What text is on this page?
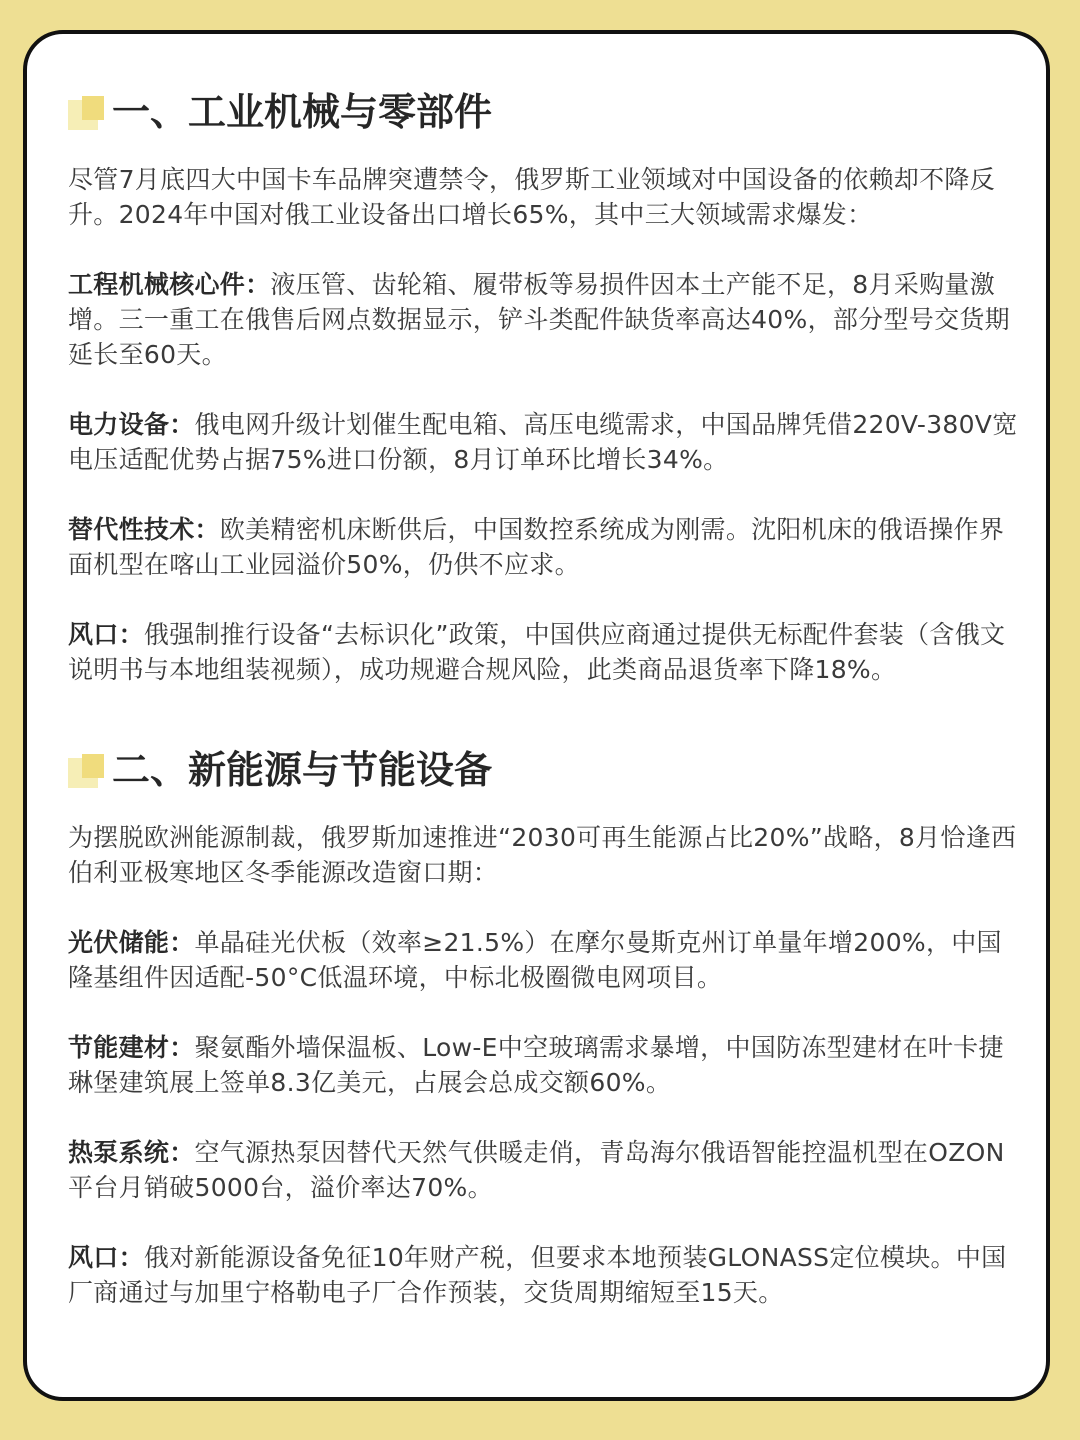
一、工业机械与零部件

尽管7月底四大中国卡车品牌突遭禁令，俄罗斯工业领域对中国设备的依赖却不降反升。2024年中国对俄工业设备出口增长65%，其中三大领域需求爆发：

工程机械核心件：液压管、齿轮箱、履带板等易损件因本土产能不足，8月采购量激增。三一重工在俄售后网点数据显示，铲斗类配件缺货率高达40%，部分型号交货期延长至60天。

电力设备：俄电网升级计划催生配电箱、高压电缆需求，中国品牌凭借220V-380V宽电压适配优势占据75%进口份额，8月订单环比增长34%。

替代性技术：欧美精密机床断供后，中国数控系统成为刚需。沈阳机床的俄语操作界面机型在喀山工业园溢价50%，仍供不应求。

风口：俄强制推行设备“去标识化”政策，中国供应商通过提供无标配件套装（含俄文说明书与本地组装视频），成功规避合规风险，此类商品退货率下降18%。

二、新能源与节能设备

为摆脱欧洲能源制裁，俄罗斯加速推进“2030可再生能源占比20%”战略，8月恰逢西伯利亚极寒地区冬季能源改造窗口期：

光伏储能：单晶硅光伏板（效率≥21.5%）在摩尔曼斯克州订单量年增200%，中国隆基组件因适配-50°C低温环境，中标北极圈微电网项目。

节能建材：聚氨酯外墙保温板、Low-E中空玻璃需求暴增，中国防冻型建材在叶卡捷琳堡建筑展上签单8.3亿美元，占展会总成交额60%。

热泵系统：空气源热泵因替代天然气供暖走俏，青岛海尔俄语智能控温机型在OZON平台月销破5000台，溢价率达70%。

风口：俄对新能源设备免征10年财产税，但要求本地预装GLONASS定位模块。中国厂商通过与加里宁格勒电子厂合作预装，交货周期缩短至15天。
